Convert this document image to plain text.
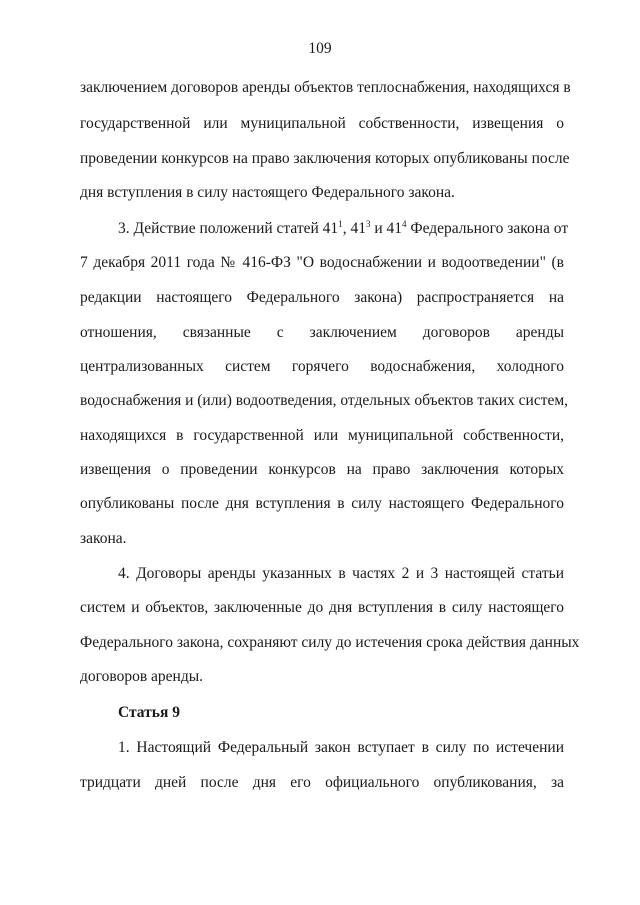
109
заключением договоров аренды объектов теплоснабжения, находящихся в
государственной или муниципальной собственности, извещения о
проведении конкурсов на право заключения которых опубликованы после
дня вступления в силу настоящего Федерального закона.
3. Действие положений статей $41^1$, $41^3$ и $41^4$ Федерального закона от
7 декабря 2011 года № 416-ФЗ "О водоснабжении и водоотведении" (в
редакции настоящего Федерального закона) распространяется на
отношения, связанные с заключением договоров аренды
централизованных систем горячего водоснабжения, холодного
водоснабжения и (или) водоотведения, отдельных объектов таких систем,
находящихся в государственной или муниципальной собственности,
извещения о проведении конкурсов на право заключения которых
опубликованы после дня вступления в силу настоящего Федерального
закона.
4. Договоры аренды указанных в частях 2 и 3 настоящей статьи
систем и объектов, заключенные до дня вступления в силу настоящего
Федерального закона, сохраняют силу до истечения срока действия данных
договоров аренды.
Статья 9
1. Настоящий Федеральный закон вступает в силу по истечении
тридцати дней после дня его официального опубликования, за
